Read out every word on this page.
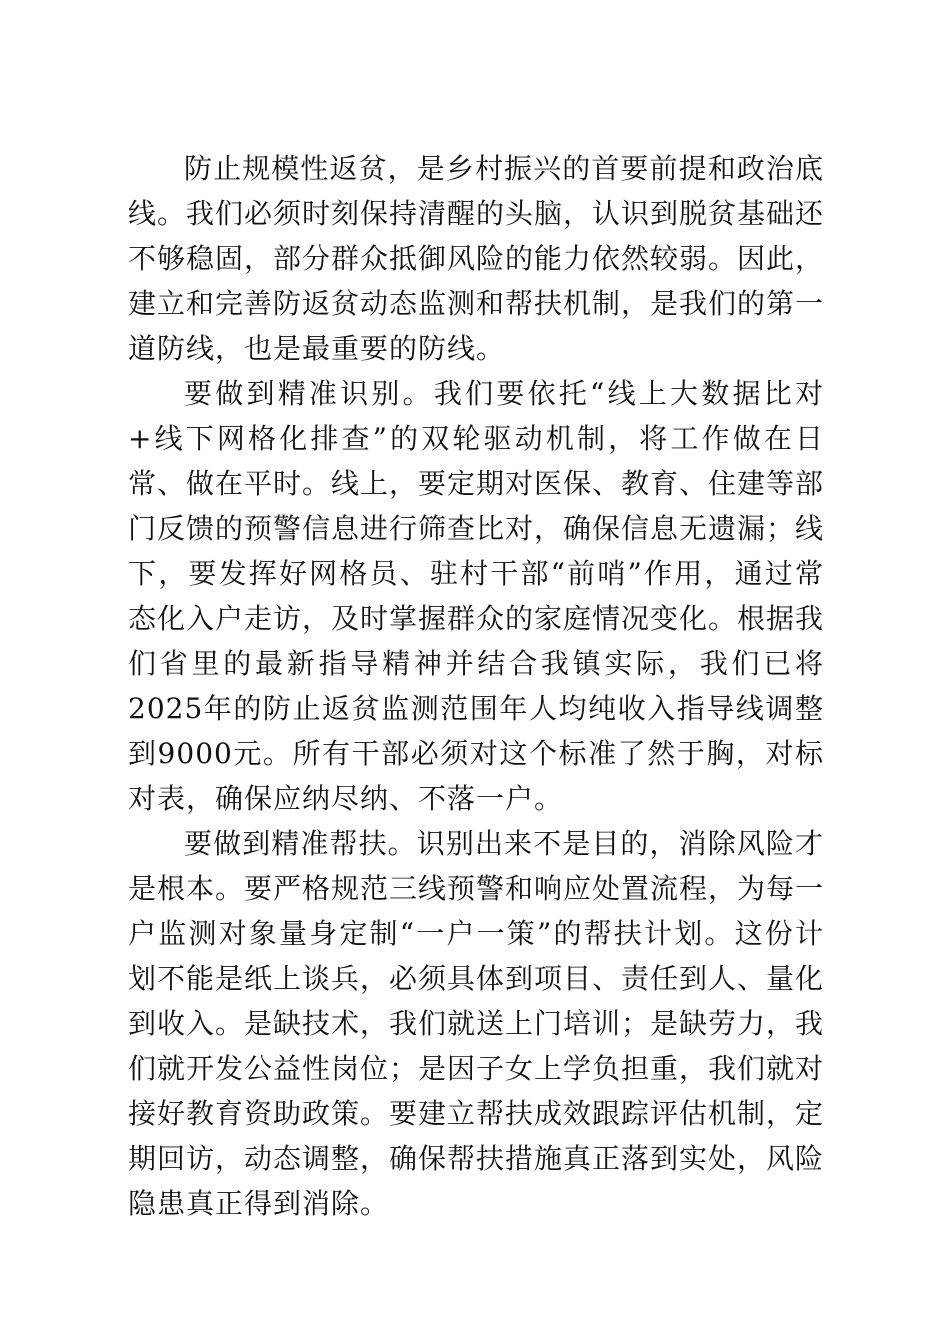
防止规模性返贫，是乡村振兴的首要前提和政治底线。我们必须时刻保持清醒的头脑，认识到脱贫基础还不够稳固，部分群众抵御风险的能力依然较弱。因此，建立和完善防返贫动态监测和帮扶机制，是我们的第一道防线，也是最重要的防线。

要做到精准识别。我们要依托“线上大数据比对+线下网格化排查”的双轮驱动机制，将工作做在日常、做在平时。线上，要定期对医保、教育、住建等部门反馈的预警信息进行筛查比对，确保信息无遗漏；线下，要发挥好网格员、驻村干部“前哨”作用，通过常态化入户走访，及时掌握群众的家庭情况变化。根据我们省里的最新指导精神并结合我镇实际，我们已将2025年的防止返贫监测范围年人均纯收入指导线调整到9000元。所有干部必须对这个标准了然于胸，对标对表，确保应纳尽纳、不落一户。

要做到精准帮扶。识别出来不是目的，消除风险才是根本。要严格规范三线预警和响应处置流程，为每一户监测对象量身定制“一户一策”的帮扶计划。这份计划不能是纸上谈兵，必须具体到项目、责任到人、量化到收入。是缺技术，我们就送上门培训；是缺劳力，我们就开发公益性岗位；是因子女上学负担重，我们就对接好教育资助政策。要建立帮扶成效跟踪评估机制，定期回访，动态调整，确保帮扶措施真正落到实处，风险隐患真正得到消除。
